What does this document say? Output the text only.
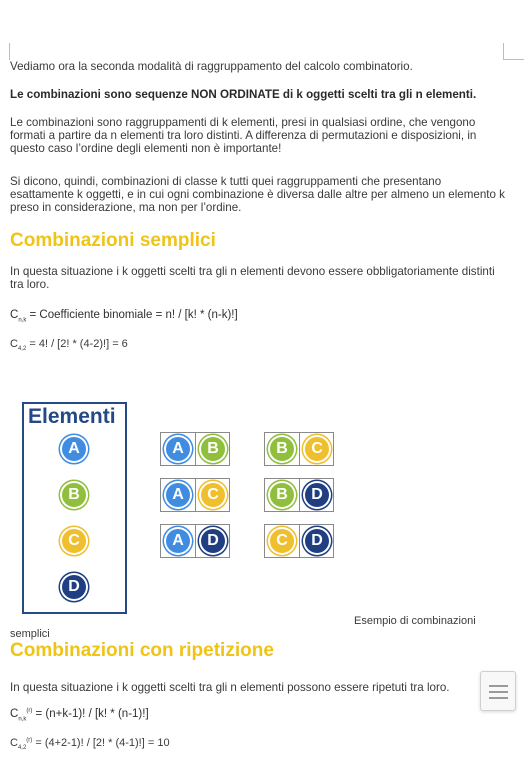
Vediamo ora la seconda modalità di raggruppamento del calcolo combinatorio.
Le combinazioni sono sequenze NON ORDINATE di k oggetti scelti tra gli n elementi.
Le combinazioni sono raggruppamenti di k elementi, presi in qualsiasi ordine, che vengono formati a partire da n elementi tra loro distinti. A differenza di permutazioni e disposizioni, in questo caso l’ordine degli elementi non è importante!
Si dicono, quindi, combinazioni di classe k tutti quei raggruppamenti che presentano esattamente k oggetti, e in cui ogni combinazione è diversa dalle altre per almeno un elemento k preso in considerazione, ma non per l’ordine.
Combinazioni semplici
In questa situazione i k oggetti scelti tra gli n elementi devono essere obbligatoriamente distinti tra loro.
$C_{n,k}$ = Coefficiente binomiale = n! / [k! * (n-k)!]
$C_{4,2} = 4$! / [2! * (4-2)!] = 6
Elementi
A
B
C
D
A	B	B	C
A	C	B	D
A	D	C	D
Esempio di combinazioni
semplici
Combinazioni con ripetizione
In questa situazione i k oggetti scelti tra gli n elementi possono essere ripetuti tra loro.
$C_{n,k}^{(r)} = (n+k-1)$! / [k! * (n-1)!]
$C_{4,2}^{(r)} = (4+2-1)$! / [2! * (4-1)!] = 10
